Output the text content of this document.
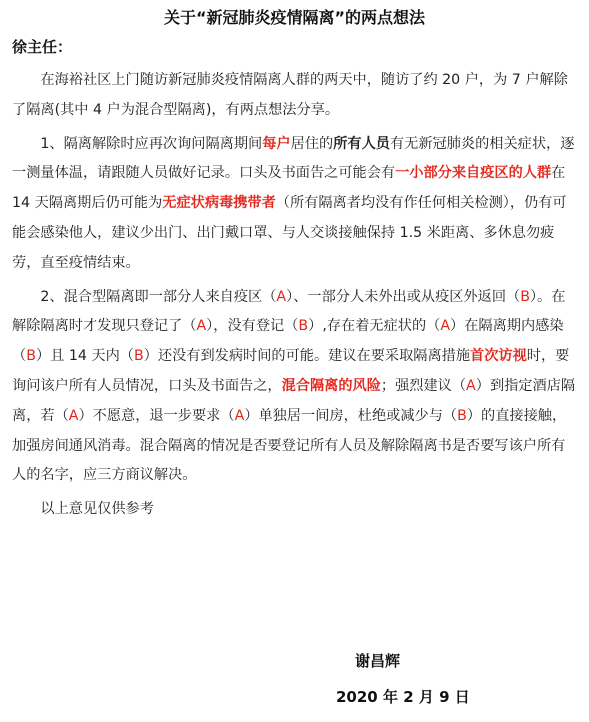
关于“新冠肺炎疫情隔离”的两点想法
徐主任：

在海裕社区上门随访新冠肺炎疫情隔离人群的两天中，随访了约 20 户，为 7 户解除了隔离(其中 4 户为混合型隔离)，有两点想法分享。

1、隔离解除时应再次询问隔离期间每户居住的所有人员有无新冠肺炎的相关症状，逐一测量体温，请跟随人员做好记录。口头及书面告之可能会有一小部分来自疫区的人群在 14 天隔离期后仍可能为无症状病毒携带者（所有隔离者均没有作任何相关检测），仍有可能会感染他人，建议少出门、出门戴口罩、与人交谈接触保持 1.5 米距离、多休息勿疲劳，直至疫情结束。

2、混合型隔离即一部分人来自疫区（A）、一部分人未外出或从疫区外返回（B）。在解除隔离时才发现只登记了（A），没有登记（B）,存在着无症状的（A）在隔离期内感染（B）且 14 天内（B）还没有到发病时间的可能。建议在要采取隔离措施首次访视时，要询问该户所有人员情况，口头及书面告之，混合隔离的风险；强烈建议（A）到指定酒店隔离，若（A）不愿意，退一步要求（A）单独居一间房，杜绝或减少与（B）的直接接触，加强房间通风消毒。混合隔离的情况是否要登记所有人员及解除隔离书是否要写该户所有人的名字，应三方商议解决。

以上意见仅供参考

谢昌辉
2020 年 2 月 9 日
